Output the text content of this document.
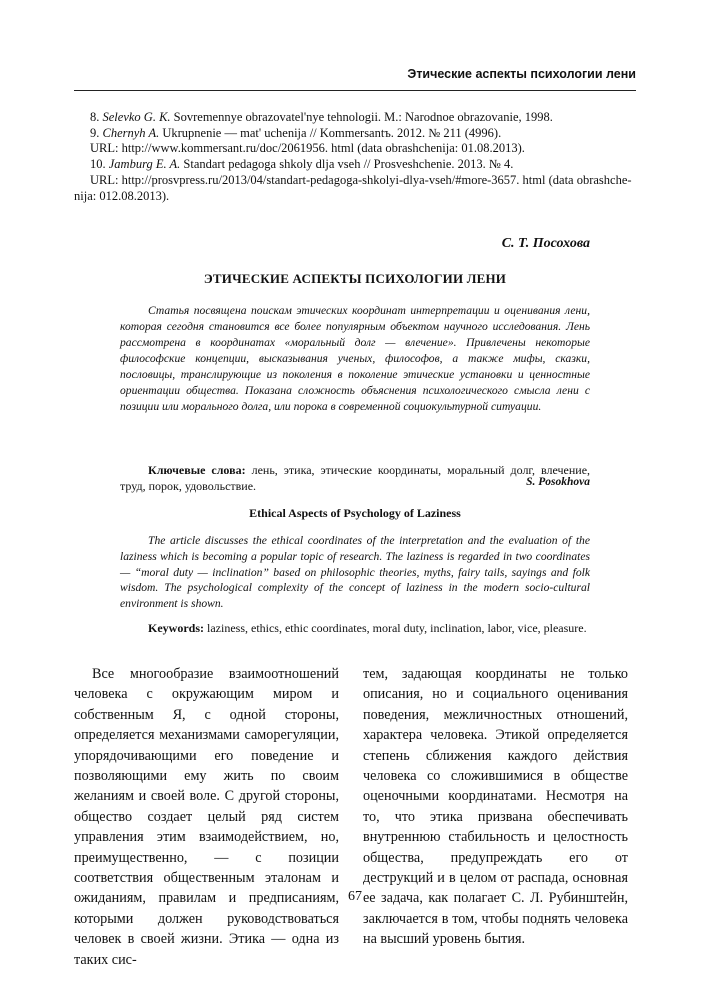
Этические аспекты психологии лени

8. Selevko G. K. Sovremennye obrazovatel'nye tehnologii. M.: Narodnoe obrazovanie, 1998.

9. Chernyh A. Ukrupnenie — mat' uchenija // Kommersantъ. 2012. № 211 (4996).

URL: http://www.kommersant.ru/doc/2061956. html (data obrashchenija: 01.08.2013).

10. Jamburg E. A. Standart pedagoga shkoly dlja vseh // Prosveshchenie. 2013. № 4.

URL: http://prosvpress.ru/2013/04/standart-pedagoga-shkolyi-dlya-vseh/#more-3657. html (data obrashche-

nija: 012.08.2013).

С. Т. Посохова
ЭТИЧЕСКИЕ АСПЕКТЫ ПСИХОЛОГИИ ЛЕНИ

Статья посвящена поискам этических координат интерпретации и оценивания лени, которая сегодня становится все более популярным объектом научного исследования. Лень рассмотрена в координатах «моральный долг — влечение». Привлечены некоторые философские концепции, высказывания ученых, философов, а также мифы, сказки, пословицы, транслирующие из поколения в поколение этические установки и ценностные ориентации общества. Показана сложность объяснения психологического смысла лени с позиции или морального долга, или порока в современной социокультурной ситуации.

Ключевые слова: лень, этика, этические координаты, моральный долг, влечение, труд, порок, удовольствие.	S. Posokhova
Ethical Aspects of Psychology of Laziness

The article discusses the ethical coordinates of the interpretation and the evaluation of the laziness which is becoming a popular topic of research. The laziness is regarded in two coordinates — “moral duty — inclination” based on philosophic theories, myths, fairy tails, sayings and folk wisdom. The psychological complexity of the concept of laziness in the modern socio-cultural environment is shown.

Keywords: laziness, ethics, ethic coordinates, moral duty, inclination, labor, vice, pleasure.

Все многообразие взаимоотношений человека с окружающим миром и собственным Я, с одной стороны, определяется механизмами саморегуляции, упорядочивающими его поведение и позволяющими ему жить по своим желаниям и своей воле. С другой стороны, общество создает целый ряд систем управления этим взаимодействием, но, преимущественно, — с позиции соответствия общественным эталонам и ожиданиям, правилам и предписаниям, которыми должен руководствоваться человек в своей жизни. Этика — одна из таких сис-

тем, задающая координаты не только описания, но и социального оценивания поведения, межличностных отношений, характера человека. Этикой определяется степень сближения каждого действия человека со сложившимися в обществе оценочными координатами. Несмотря на то, что этика призвана обеспечивать внутреннюю стабильность и целостность общества, предупреждать его от деструкций и в целом от распада, основная ее задача, как полагает С. Л. Рубинштейн, заключается в том, чтобы поднять человека на высший уровень бытия.

67
